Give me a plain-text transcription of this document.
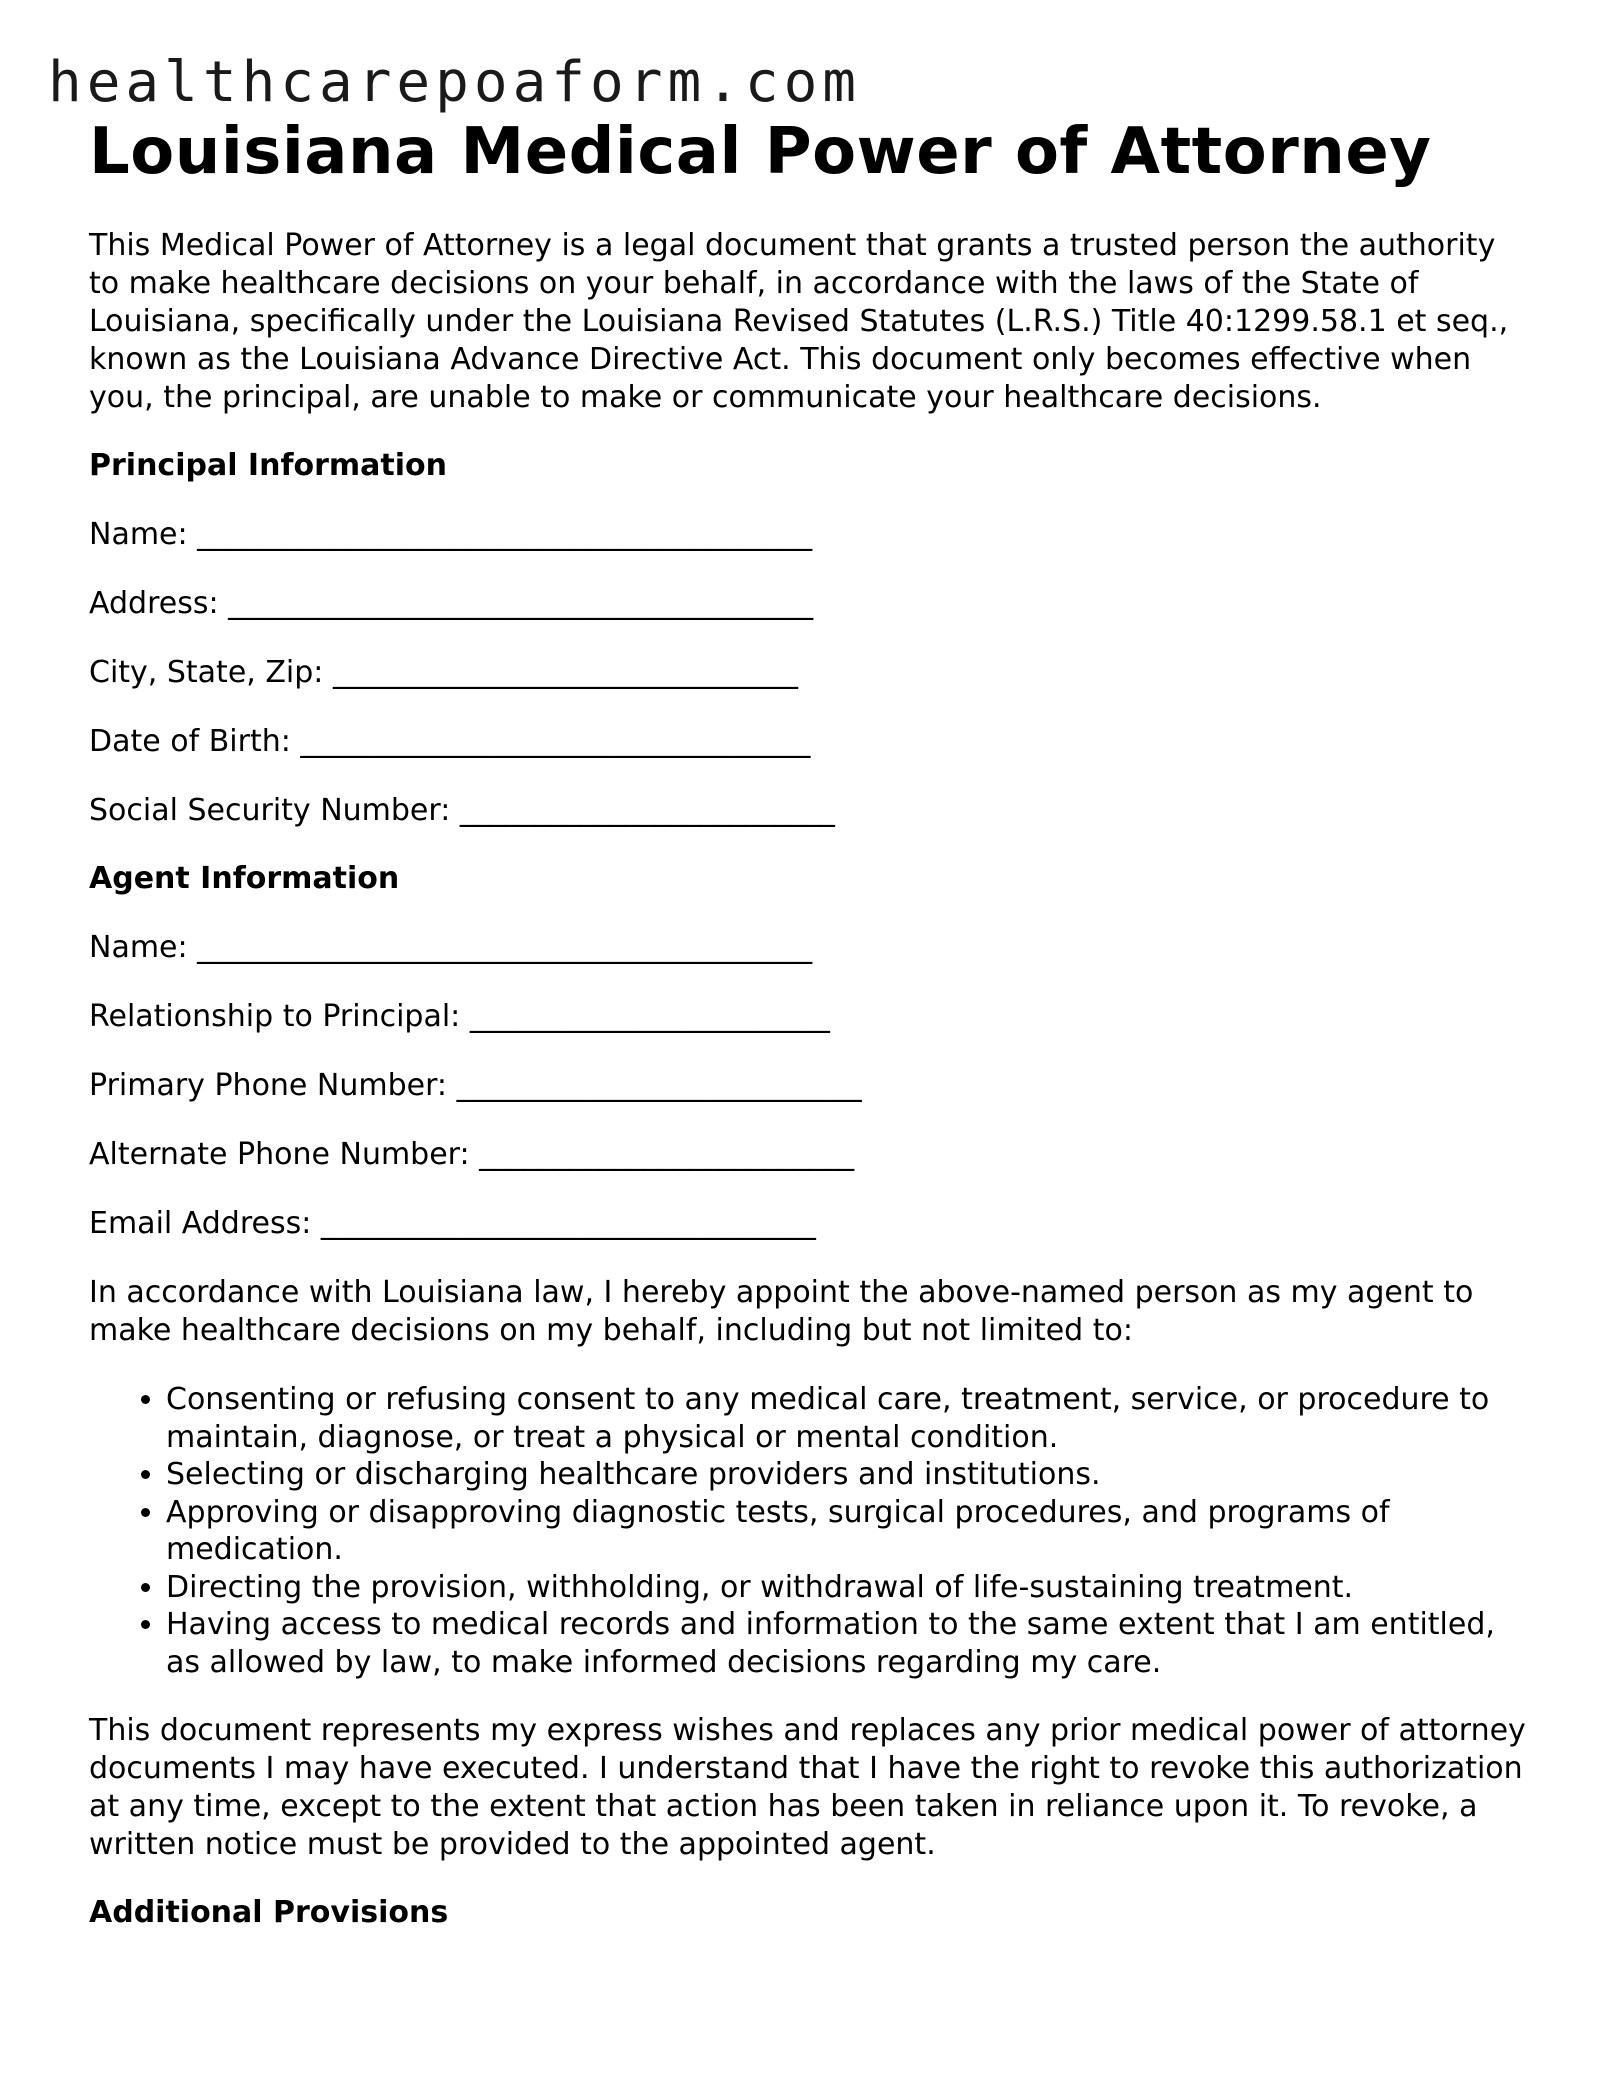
healthcarepoaform.com
Louisiana Medical Power of Attorney

This Medical Power of Attorney is a legal document that grants a trusted person the authority to make healthcare decisions on your behalf, in accordance with the laws of the State of Louisiana, specifically under the Louisiana Revised Statutes (L.R.S.) Title 40:1299.58.1 et seq., known as the Louisiana Advance Directive Act. This document only becomes effective when you, the principal, are unable to make or communicate your healthcare decisions.

Principal Information
Name: _________________________________________
Address: _______________________________________
City, State, Zip: _______________________________
Date of Birth: __________________________________
Social Security Number: _________________________
Agent Information
Name: _________________________________________
Relationship to Principal: ________________________
Primary Phone Number: ___________________________
Alternate Phone Number: _________________________
Email Address: _________________________________

In accordance with Louisiana law, I hereby appoint the above-named person as my agent to make healthcare decisions on my behalf, including but not limited to:

• Consenting or refusing consent to any medical care, treatment, service, or procedure to maintain, diagnose, or treat a physical or mental condition.
• Selecting or discharging healthcare providers and institutions.
• Approving or disapproving diagnostic tests, surgical procedures, and programs of medication.
• Directing the provision, withholding, or withdrawal of life-sustaining treatment.
• Having access to medical records and information to the same extent that I am entitled, as allowed by law, to make informed decisions regarding my care.

This document represents my express wishes and replaces any prior medical power of attorney documents I may have executed. I understand that I have the right to revoke this authorization at any time, except to the extent that action has been taken in reliance upon it. To revoke, a written notice must be provided to the appointed agent.

Additional Provisions
